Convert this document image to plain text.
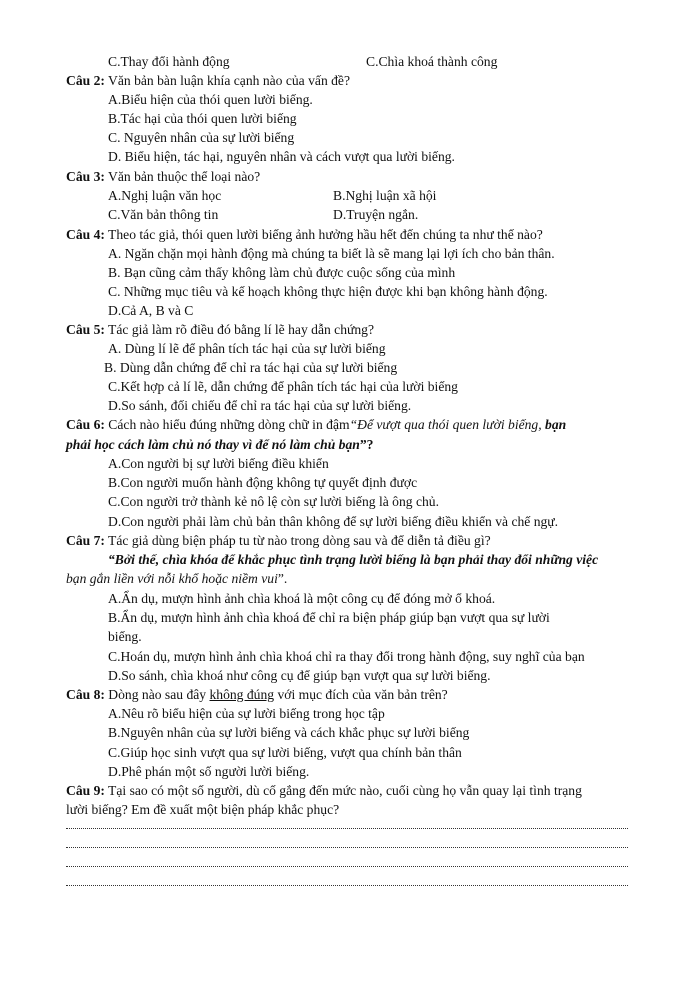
C.Thay đổi hành động	C.Chìa khoá thành công
Câu 2: Văn bản bàn luận khía cạnh nào của vấn đề?
A.Biểu hiện của thói quen lười biếng.
B.Tác hại của thói quen lười biếng
C. Nguyên nhân của sự lười biếng
D. Biểu hiện, tác hại, nguyên nhân và cách vượt qua lười biếng.
Câu 3: Văn bản thuộc thể loại nào?
A.Nghị luận văn học	B.Nghị luận xã hội
C.Văn bản thông tin	D.Truyện ngắn.
Câu 4: Theo tác giả, thói quen lười biếng ảnh hưởng hầu hết đến chúng ta như thế nào?
A. Ngăn chặn mọi hành động mà chúng ta biết là sẽ mang lại lợi ích cho bản thân.
B. Bạn cũng cảm thấy không làm chủ được cuộc sống của mình
C. Những mục tiêu và kế hoạch không thực hiện được khi bạn không hành động.
D.Cả A, B và C
Câu 5: Tác giả làm rõ điều đó bằng lí lẽ hay dẫn chứng?
A. Dùng lí lẽ để phân tích tác hại của sự lười biếng
B. Dùng dẫn chứng để chỉ ra tác hại của sự lười biếng
C.Kết hợp cả lí lẽ, dẫn chứng để phân tích tác hại của lười biếng
D.So sánh, đối chiếu để chỉ ra tác hại của sự lười biếng.
Câu 6: Cách nào hiểu đúng những dòng chữ in đậm“Để vượt qua thói quen lười biếng, bạn
phải học cách làm chủ nó thay vì để nó làm chủ bạn”?
A.Con người bị sự lười biếng điều khiển
B.Con người muốn hành động không tự quyết định được
C.Con người trở thành kẻ nô lệ còn sự lười biếng là ông chủ.
D.Con người phải làm chủ bản thân không để sự lười biếng điều khiển và chế ngự.
Câu 7: Tác giả dùng biện pháp tu từ nào trong dòng sau và để diễn tả điều gì?
“Bởi thế, chìa khóa để khắc phục tình trạng lười biếng là bạn phải thay đổi những việc
bạn gắn liền với nỗi khổ hoặc niềm vui”.
A.Ẩn dụ, mượn hình ảnh chìa khoá là một công cụ để đóng mở ổ khoá.
B.Ẩn dụ, mượn hình ảnh chìa khoá để chỉ ra biện pháp giúp bạn vượt qua sự lười
biếng.
C.Hoán dụ, mượn hình ảnh chìa khoá chỉ ra thay đổi trong hành động, suy nghĩ của bạn
D.So sánh, chìa khoá như công cụ để giúp bạn vượt qua sự lười biếng.
Câu 8: Dòng nào sau đây không đúng với mục đích của văn bản trên?
A.Nêu rõ biểu hiện của sự lười biếng trong học tập
B.Nguyên nhân của sự lười biếng và cách khắc phục sự lười biếng
C.Giúp học sinh vượt qua sự lười biếng, vượt qua chính bản thân
D.Phê phán một số người lười biếng.
Câu 9: Tại sao có một số người, dù cố gắng đến mức nào, cuối cùng họ vẫn quay lại tình trạng
lười biếng? Em đề xuất một biện pháp khắc phục?
